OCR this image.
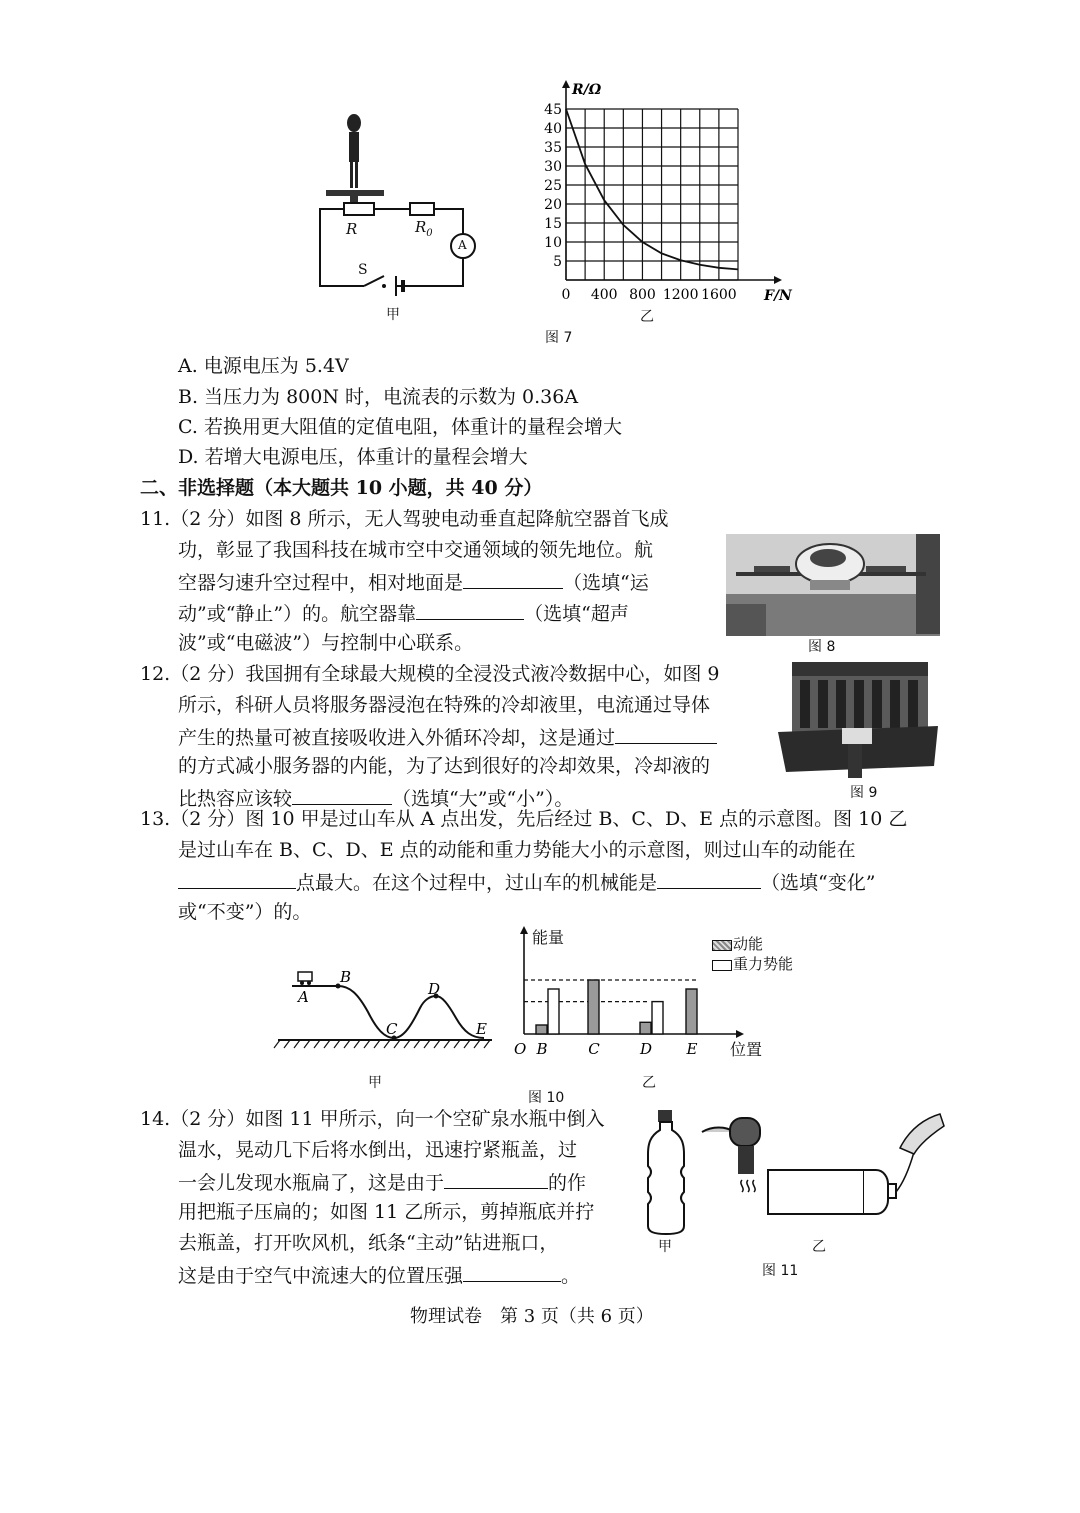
R	$R_0$
A
S
甲
5
10
15
20
25
30
35
40
45
0 400 800 1200 1600
R/Ω
F/N
乙
图 7
A. 电源电压为 5.4V
B. 当压力为 800N 时，电流表的示数为 0.36A
C. 若换用更大阻值的定值电阻，体重计的量程会增大
D. 若增大电源电压，体重计的量程会增大
二、非选择题（本大题共 10 小题，共 40 分）
11.（2 分）如图 8 所示，无人驾驶电动垂直起降航空器首飞成
功，彰显了我国科技在城市空中交通领域的领先地位。航
空器匀速升空过程中，相对地面是	（选填“运
动”或“静止”）的。航空器靠	（选填“超声
波”或“电磁波”）与控制中心联系。	图 8
12.（2 分）我国拥有全球最大规模的全浸没式液冷数据中心，如图 9
所示，科研人员将服务器浸泡在特殊的冷却液里，电流通过导体
产生的热量可被直接吸收进入外循环冷却，这是通过
的方式减小服务器的内能，为了达到很好的冷却效果，冷却液的
比热容应该较	（选填“大”或“小”）。	图 9
13.（2 分）图 10 甲是过山车从 A 点出发，先后经过 B、C、D、E 点的示意图。图 10 乙
是过山车在 B、C、D、E 点的动能和重力势能大小的示意图，则过山车的动能在
点最大。在这个过程中，过山车的机械能是	（选填“变化”
或“不变”）的。
A
B
C
D
E
甲
B	C	D E
O
能量
位置
动能
重力势能
乙
图 10
14.（2 分）如图 11 甲所示，向一个空矿泉水瓶中倒入
温水，晃动几下后将水倒出，迅速拧紧瓶盖，过
一会儿发现水瓶扁了，这是由于	的作
用把瓶子压扁的；如图 11 乙所示，剪掉瓶底并拧
去瓶盖，打开吹风机，纸条“主动”钻进瓶口，
这是由于空气中流速大的位置压强	。
甲	乙
图 11
物理试卷　第 3 页（共 6 页）
